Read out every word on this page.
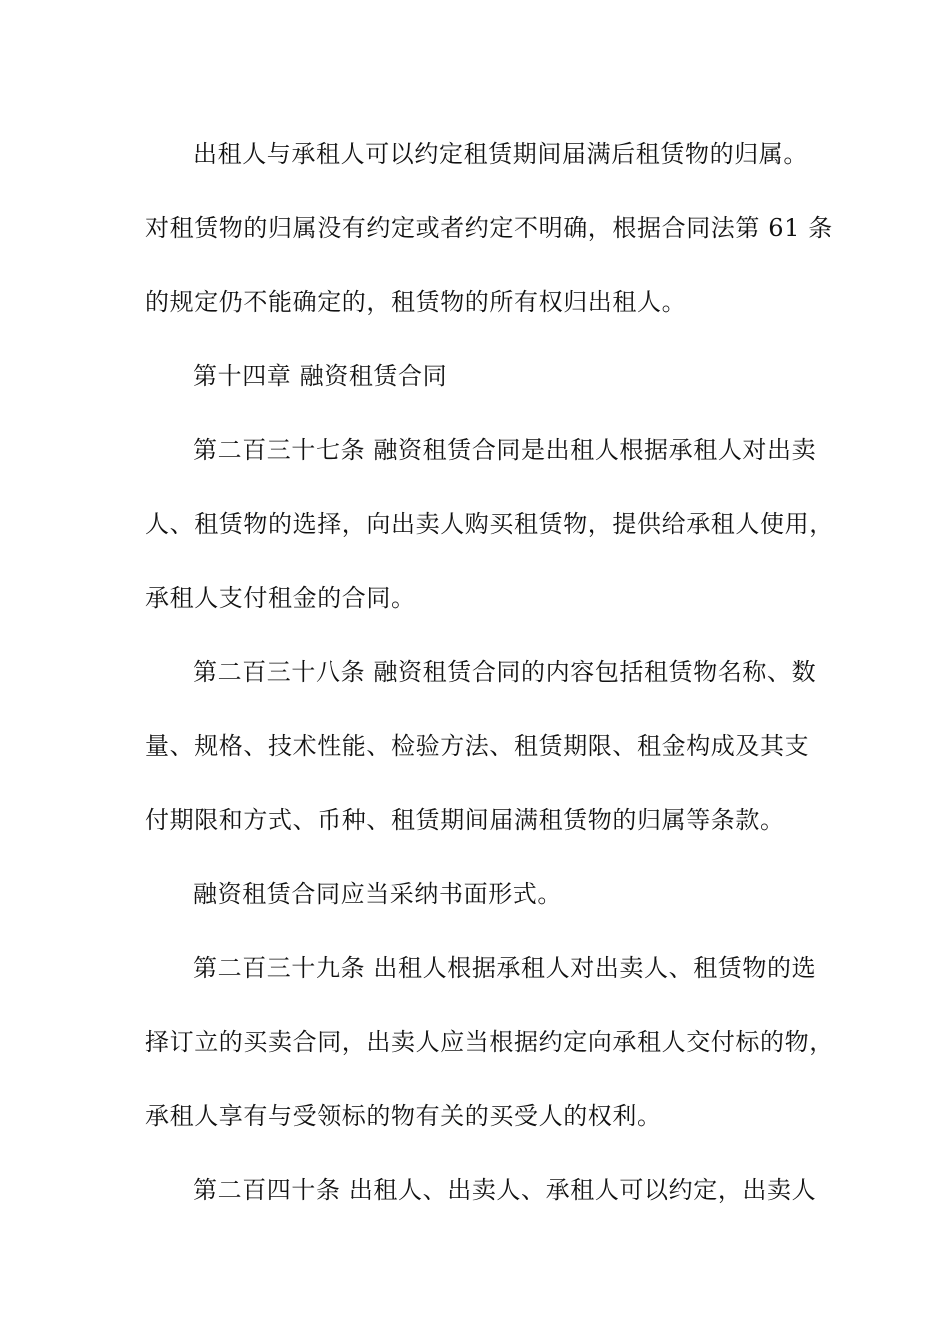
出租人与承租人可以约定租赁期间届满后租赁物的归属。
对租赁物的归属没有约定或者约定不明确，根据合同法第 61 条
的规定仍不能确定的，租赁物的所有权归出租人。
第十四章 融资租赁合同
第二百三十七条 融资租赁合同是出租人根据承租人对出卖
人、租赁物的选择，向出卖人购买租赁物，提供给承租人使用，
承租人支付租金的合同。
第二百三十八条 融资租赁合同的内容包括租赁物名称、数
量、规格、技术性能、检验方法、租赁期限、租金构成及其支
付期限和方式、币种、租赁期间届满租赁物的归属等条款。
融资租赁合同应当采纳书面形式。
第二百三十九条 出租人根据承租人对出卖人、租赁物的选
择订立的买卖合同，出卖人应当根据约定向承租人交付标的物，
承租人享有与受领标的物有关的买受人的权利。
第二百四十条 出租人、出卖人、承租人可以约定，出卖人
